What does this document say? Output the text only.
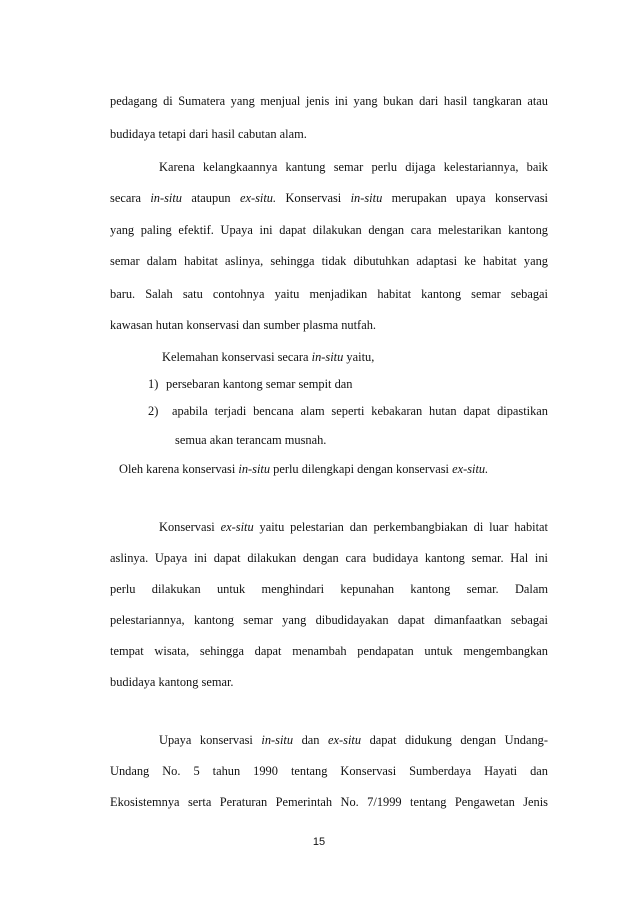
pedagang di Sumatera yang menjual jenis ini yang bukan dari hasil tangkaran atau
budidaya tetapi dari hasil cabutan alam.
Karena kelangkaannya kantung semar perlu dijaga kelestariannya, baik
secara in-situ ataupun ex-situ. Konservasi in-situ merupakan upaya konservasi
yang paling efektif. Upaya ini dapat dilakukan dengan cara melestarikan kantong
semar dalam habitat aslinya, sehingga tidak dibutuhkan adaptasi ke habitat yang
baru. Salah satu contohnya yaitu menjadikan habitat kantong semar sebagai
kawasan hutan konservasi dan sumber plasma nutfah.
Kelemahan konservasi secara in-situ yaitu,
1) persebaran kantong semar sempit dan
2) apabila terjadi bencana alam seperti kebakaran hutan dapat dipastikan
semua akan terancam musnah.
Oleh karena konservasi in-situ perlu dilengkapi dengan konservasi ex-situ.
Konservasi ex-situ yaitu pelestarian dan perkembangbiakan di luar habitat
aslinya. Upaya ini dapat dilakukan dengan cara budidaya kantong semar. Hal ini
perlu dilakukan untuk menghindari kepunahan kantong semar. Dalam
pelestariannya, kantong semar yang dibudidayakan dapat dimanfaatkan sebagai
tempat wisata, sehingga dapat menambah pendapatan untuk mengembangkan
budidaya kantong semar.
Upaya konservasi in-situ dan ex-situ dapat didukung dengan Undang-
Undang No. 5 tahun 1990 tentang Konservasi Sumberdaya Hayati dan
Ekosistemnya serta Peraturan Pemerintah No. 7/1999 tentang Pengawetan Jenis
15
